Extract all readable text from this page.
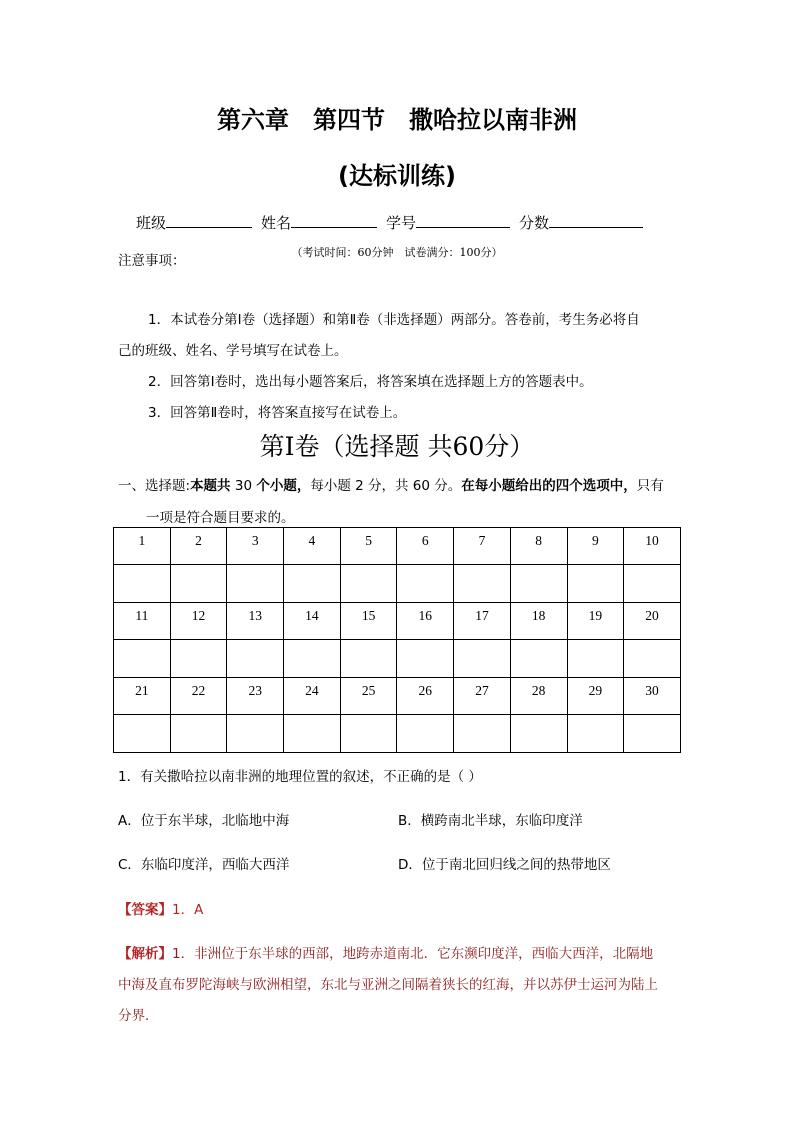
第六章　第四节　撒哈拉以南非洲
(达标训练)
班级	姓名	学号	分数
（考试时间：60分钟　试卷满分：100分）
注意事项：
1．本试卷分第Ⅰ卷（选择题）和第Ⅱ卷（非选择题）两部分。答卷前，考生务必将自
己的班级、姓名、学号填写在试卷上。
2．回答第Ⅰ卷时，选出每小题答案后，将答案填在选择题上方的答题表中。
3．回答第Ⅱ卷时，将答案直接写在试卷上。
第Ⅰ卷（选择题 共60分）
一、选择题:本题共 30 个小题，每小题 2 分，共 60 分。在每小题给出的四个选项中，只有
一项是符合题目要求的。
1	2	3	4	5	6	7	8	9	10

11	12	13	14	15	16	17	18	19	20

21	22	23	24	25	26	27	28	29	30

1．有关撒哈拉以南非洲的地理位置的叙述，不正确的是（ ）
A．位于东半球，北临地中海	B．横跨南北半球，东临印度洋
C．东临印度洋，西临大西洋	D．位于南北回归线之间的热带地区
【答案】1．A
【解析】1．非洲位于东半球的西部，地跨赤道南北．它东濒印度洋，西临大西洋，北隔地
中海及直布罗陀海峡与欧洲相望，东北与亚洲之间隔着狭长的红海，并以苏伊士运河为陆上
分界．
